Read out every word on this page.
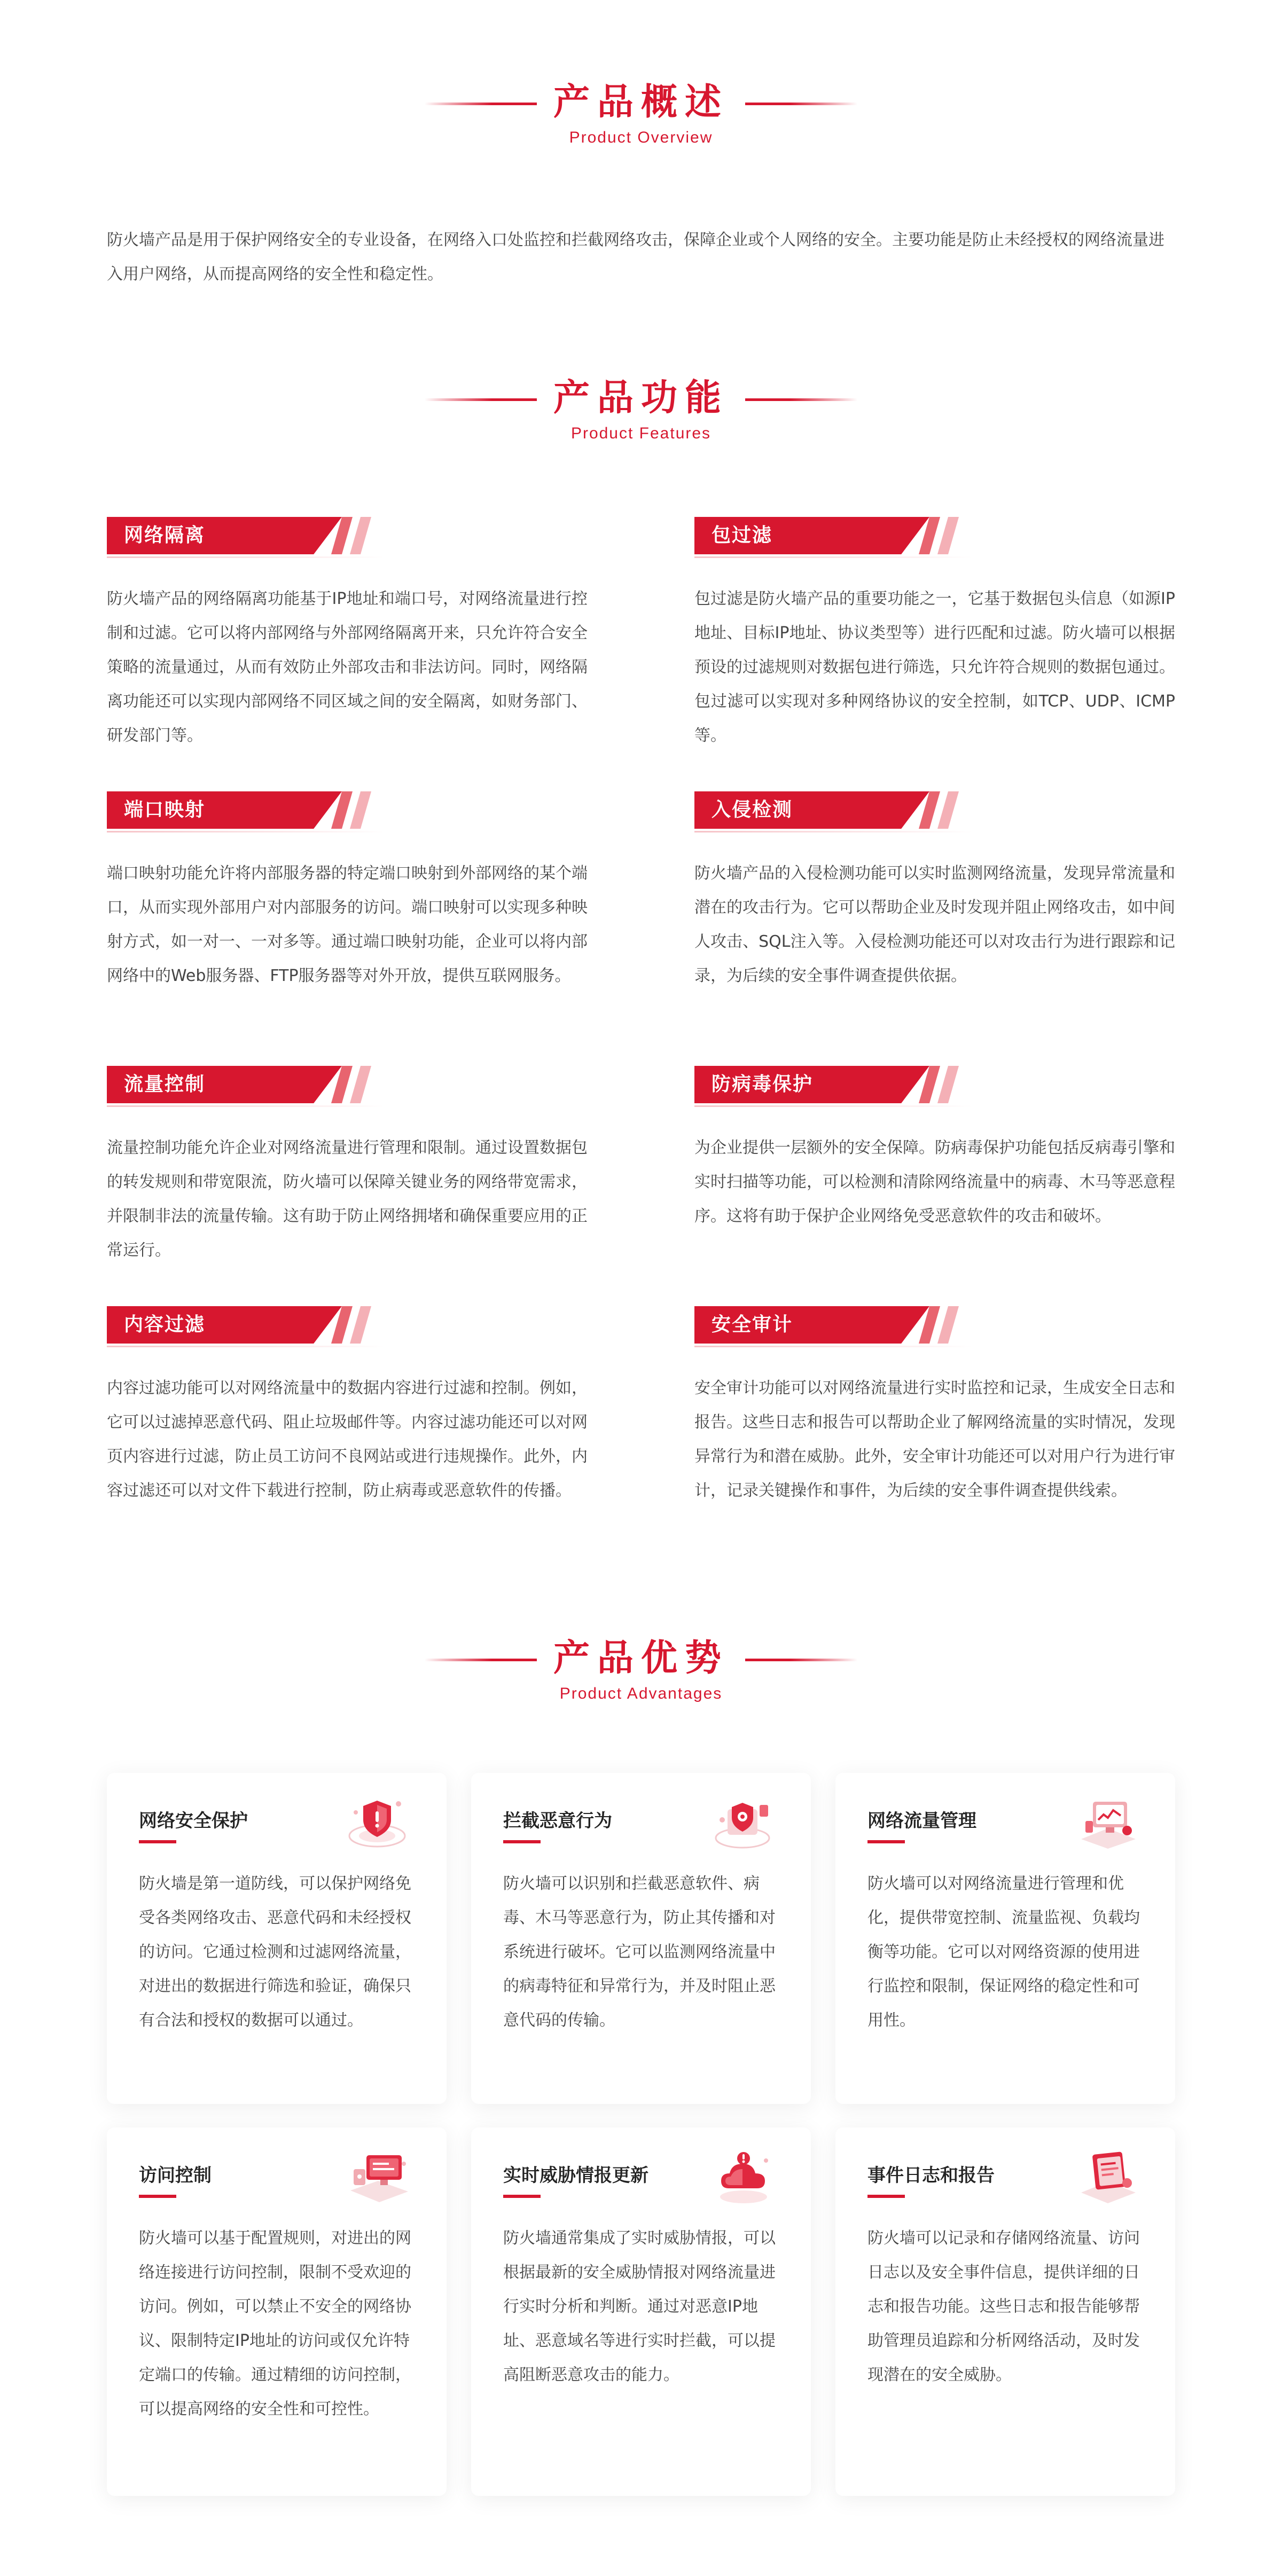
产品概述
Product Overview

防火墙产品是用于保护网络安全的专业设备，在网络入口处监控和拦截网络攻击，保障企业或个人网络的安全。主要功能是防止未经授权的网络流量进入用户网络，从而提高网络的安全性和稳定性。

产品功能
Product Features
网络隔离

防火墙产品的网络隔离功能基于IP地址和端口号，对网络流量进行控制和过滤。它可以将内部网络与外部网络隔离开来，只允许符合安全策略的流量通过，从而有效防止外部攻击和非法访问。同时，网络隔离功能还可以实现内部网络不同区域之间的安全隔离，如财务部门、研发部门等。

包过滤

包过滤是防火墙产品的重要功能之一，它基于数据包头信息（如源IP地址、目标IP地址、协议类型等）进行匹配和过滤。防火墙可以根据预设的过滤规则对数据包进行筛选，只允许符合规则的数据包通过。包过滤可以实现对多种网络协议的安全控制，如TCP、UDP、ICMP等。

端口映射

端口映射功能允许将内部服务器的特定端口映射到外部网络的某个端口，从而实现外部用户对内部服务的访问。端口映射可以实现多种映射方式，如一对一、一对多等。通过端口映射功能，企业可以将内部网络中的Web服务器、FTP服务器等对外开放，提供互联网服务。

入侵检测

防火墙产品的入侵检测功能可以实时监测网络流量，发现异常流量和潜在的攻击行为。它可以帮助企业及时发现并阻止网络攻击，如中间人攻击、SQL注入等。入侵检测功能还可以对攻击行为进行跟踪和记录，为后续的安全事件调查提供依据。

流量控制

流量控制功能允许企业对网络流量进行管理和限制。通过设置数据包的转发规则和带宽限流，防火墙可以保障关键业务的网络带宽需求，并限制非法的流量传输。这有助于防止网络拥堵和确保重要应用的正常运行。

防病毒保护

为企业提供一层额外的安全保障。防病毒保护功能包括反病毒引擎和实时扫描等功能，可以检测和清除网络流量中的病毒、木马等恶意程序。这将有助于保护企业网络免受恶意软件的攻击和破坏。

内容过滤

内容过滤功能可以对网络流量中的数据内容进行过滤和控制。例如，它可以过滤掉恶意代码、阻止垃圾邮件等。内容过滤功能还可以对网页内容进行过滤，防止员工访问不良网站或进行违规操作。此外，内容过滤还可以对文件下载进行控制，防止病毒或恶意软件的传播。

安全审计

安全审计功能可以对网络流量进行实时监控和记录，生成安全日志和报告。这些日志和报告可以帮助企业了解网络流量的实时情况，发现异常行为和潜在威胁。此外，安全审计功能还可以对用户行为进行审计，记录关键操作和事件，为后续的安全事件调查提供线索。

产品优势
Product Advantages
网络安全保护

防火墙是第一道防线，可以保护网络免受各类网络攻击、恶意代码和未经授权的访问。它通过检测和过滤网络流量，对进出的数据进行筛选和验证，确保只有合法和授权的数据可以通过。

拦截恶意行为

防火墙可以识别和拦截恶意软件、病毒、木马等恶意行为，防止其传播和对系统进行破坏。它可以监测网络流量中的病毒特征和异常行为，并及时阻止恶意代码的传输。

网络流量管理

防火墙可以对网络流量进行管理和优化，提供带宽控制、流量监视、负载均衡等功能。它可以对网络资源的使用进行监控和限制，保证网络的稳定性和可用性。

访问控制

防火墙可以基于配置规则，对进出的网络连接进行访问控制，限制不受欢迎的访问。例如，可以禁止不安全的网络协议、限制特定IP地址的访问或仅允许特定端口的传输。通过精细的访问控制，可以提高网络的安全性和可控性。

实时威胁情报更新

防火墙通常集成了实时威胁情报，可以根据最新的安全威胁情报对网络流量进行实时分析和判断。通过对恶意IP地址、恶意域名等进行实时拦截，可以提高阻断恶意攻击的能力。

事件日志和报告

防火墙可以记录和存储网络流量、访问日志以及安全事件信息，提供详细的日志和报告功能。这些日志和报告能够帮助管理员追踪和分析网络活动，及时发现潜在的安全威胁。
